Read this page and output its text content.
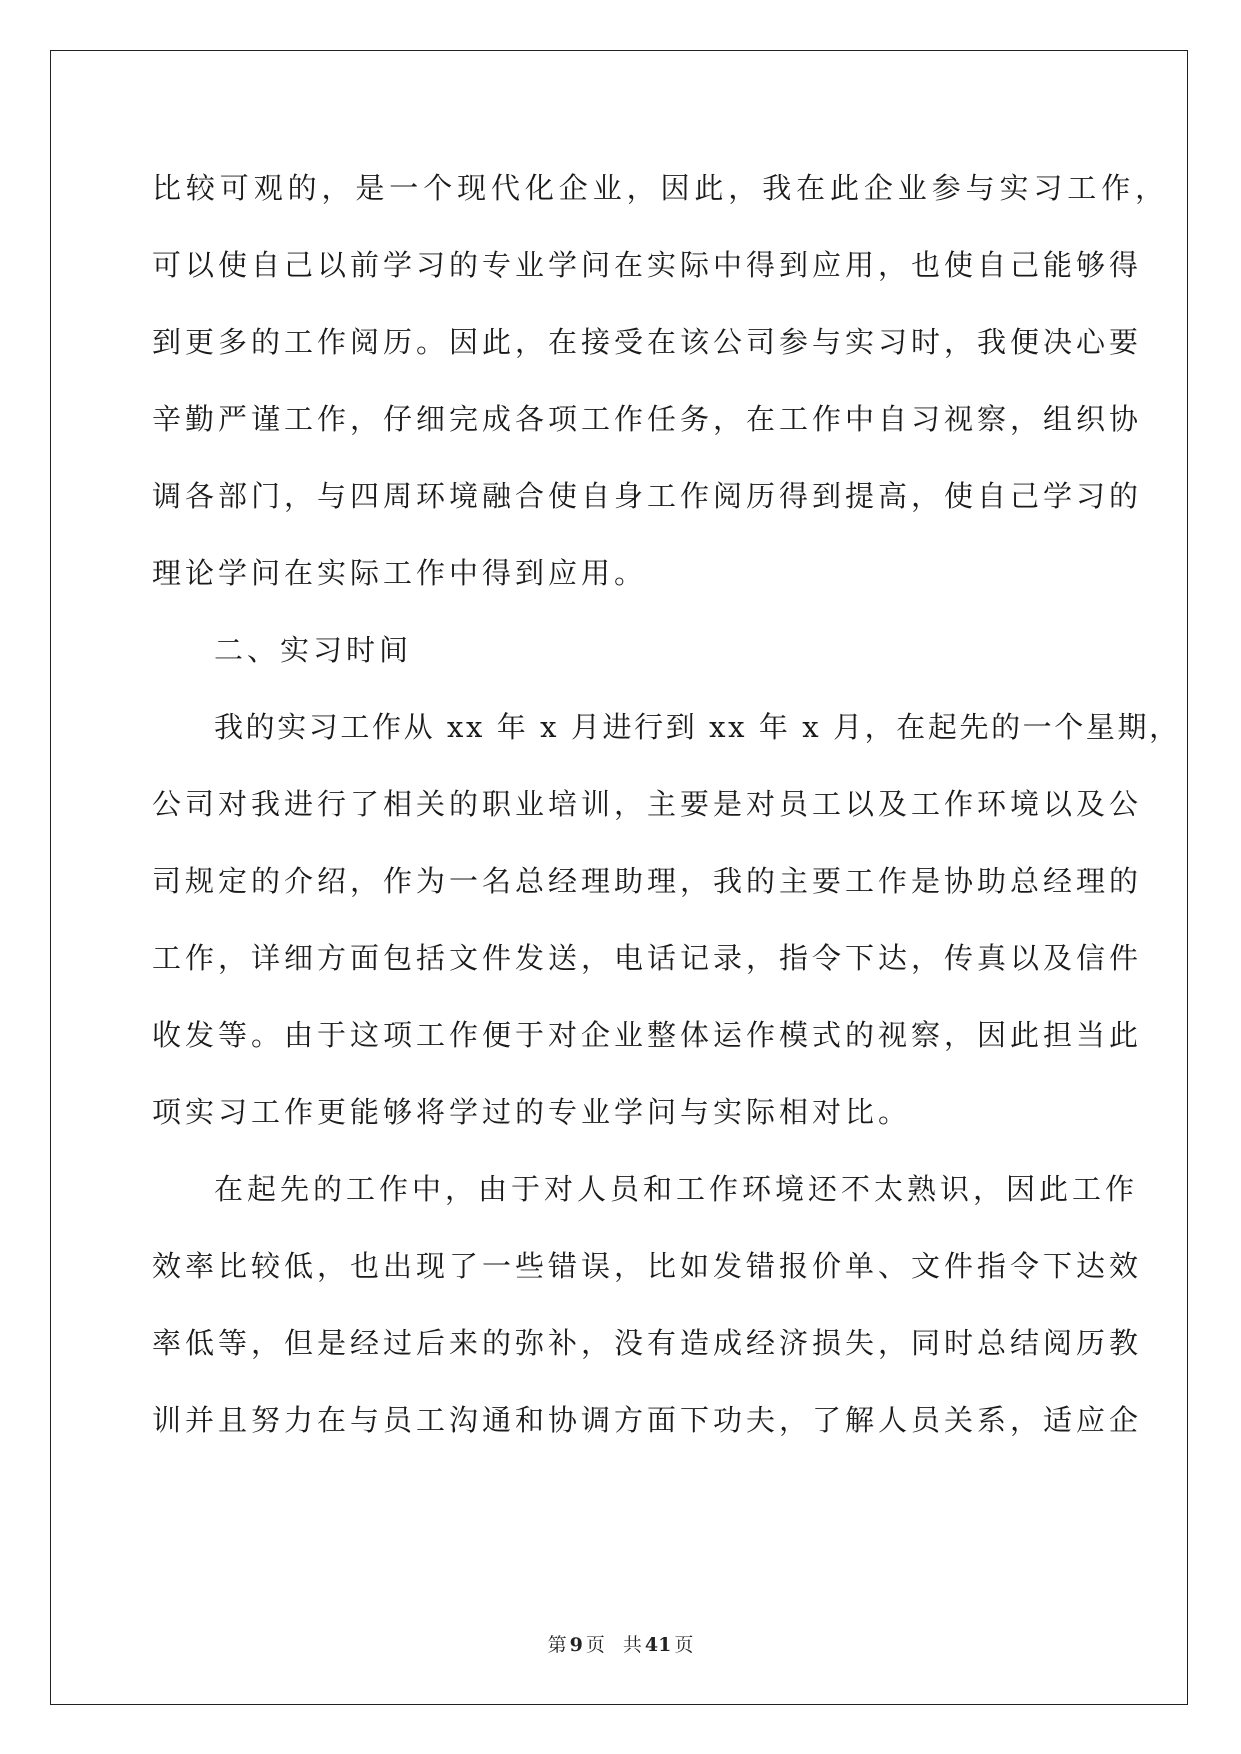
比较可观的，是一个现代化企业，因此，我在此企业参与实习工作，
可以使自己以前学习的专业学问在实际中得到应用，也使自己能够得
到更多的工作阅历。因此，在接受在该公司参与实习时，我便决心要
辛勤严谨工作，仔细完成各项工作任务，在工作中自习视察，组织协
调各部门，与四周环境融合使自身工作阅历得到提高，使自己学习的
理论学问在实际工作中得到应用。
二、实习时间
我的实习工作从 xx 年 x 月进行到 xx 年 x 月，在起先的一个星期，
公司对我进行了相关的职业培训，主要是对员工以及工作环境以及公
司规定的介绍，作为一名总经理助理，我的主要工作是协助总经理的
工作，详细方面包括文件发送，电话记录，指令下达，传真以及信件
收发等。由于这项工作便于对企业整体运作模式的视察，因此担当此
项实习工作更能够将学过的专业学问与实际相对比。
在起先的工作中，由于对人员和工作环境还不太熟识，因此工作
效率比较低，也出现了一些错误，比如发错报价单、文件指令下达效
率低等，但是经过后来的弥补，没有造成经济损失，同时总结阅历教
训并且努力在与员工沟通和协调方面下功夫，了解人员关系，适应企
第 9 页 共 41 页
